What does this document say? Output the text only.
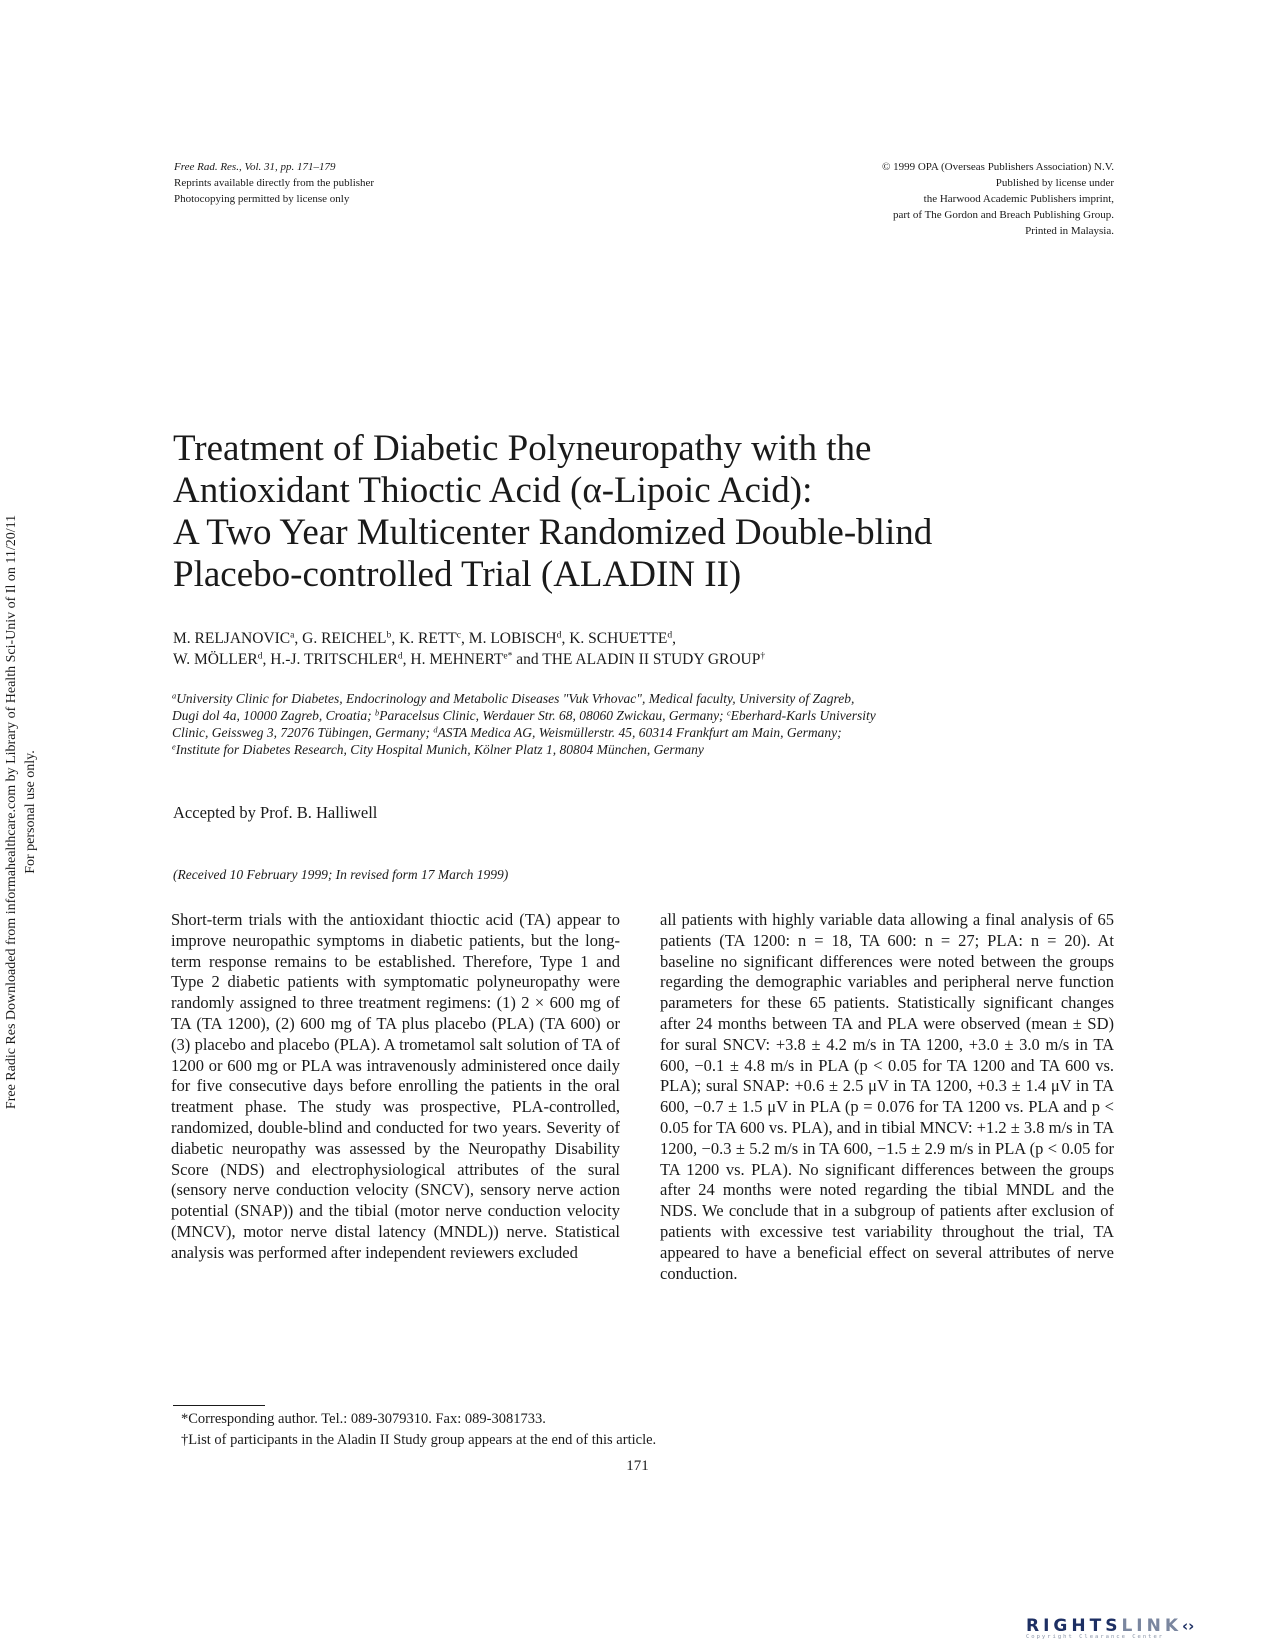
Free Radic Res Downloaded from informahealthcare.com by Library of Health Sci-Univ of Il on 11/20/11 For personal use only.
Free Rad. Res., Vol. 31, pp. 171–179
Reprints available directly from the publisher
Photocopying permitted by license only
© 1999 OPA (Overseas Publishers Association) N.V.
Published by license under
the Harwood Academic Publishers imprint,
part of The Gordon and Breach Publishing Group.
Printed in Malaysia.
Treatment of Diabetic Polyneuropathy with the
Antioxidant Thioctic Acid (α-Lipoic Acid):
A Two Year Multicenter Randomized Double-blind
Placebo-controlled Trial (ALADIN II)
M. RELJANOVIC$^a$, G. REICHEL$^b$, K. RETT$^c$, M. LOBISCH$^d$, K. SCHUETTE$^d$,
W. MÖLLER$^d$, H.-J. TRITSCHLER$^d$, H. $MEHNERT^{e*}$ and THE ALADIN II STUDY GROUP†
$^a$University Clinic for Diabetes, Endocrinology and Metabolic Diseases "Vuk Vrhovac", Medical faculty, University of Zagreb,
Dugi dol 4a, 10000 Zagreb, Croatia; $^b$Paracelsus Clinic, Werdauer Str. 68, 08060 Zwickau, Germany; $^c$Eberhard-Karls University
Clinic, Geissweg 3, 72076 Tübingen, Germany; $^d$ASTA Medica AG, Weismüllerstr. 45, 60314 Frankfurt am Main, Germany;
$^e$Institute for Diabetes Research, City Hospital Munich, Kölner Platz 1, 80804 München, Germany
Accepted by Prof. B. Halliwell
(Received 10 February 1999; In revised form 17 March 1999)
Short-term trials with the antioxidant thioctic acid (TA) appear to improve neuropathic symptoms in diabetic patients, but the long-term response remains to be established. Therefore, Type 1 and Type 2 diabetic patients with symptomatic polyneuropathy were randomly assigned to three treatment regimens: (1) 2 × 600 mg of TA (TA 1200), (2) 600 mg of TA plus placebo (PLA) (TA 600) or (3) placebo and placebo (PLA). A trometamol salt solution of TA of 1200 or 600 mg or PLA was intravenously administered once daily for five consecutive days before enrolling the patients in the oral treatment phase. The study was prospective, PLA-controlled, randomized, double-blind and conducted for two years. Severity of diabetic neuropathy was assessed by the Neuropathy Disability Score (NDS) and electrophysiological attributes of the sural (sensory nerve conduction velocity (SNCV), sensory nerve action potential (SNAP)) and the tibial (motor nerve conduction velocity (MNCV), motor nerve distal latency (MNDL)) nerve. Statistical analysis was performed after independent reviewers excluded
all patients with highly variable data allowing a final analysis of 65 patients (TA 1200: n = 18, TA 600: n = 27; PLA: n = 20). At baseline no significant differences were noted between the groups regarding the demographic variables and peripheral nerve function parameters for these 65 patients. Statistically significant changes after 24 months between TA and PLA were observed (mean ± SD) for sural SNCV: +3.8 ± 4.2 m/s in TA 1200, +3.0 ± 3.0 m/s in TA 600, −0.1 ± 4.8 m/s in PLA (p < 0.05 for TA 1200 and TA 600 vs. PLA); sural SNAP: +0.6 ± 2.5 μV in TA 1200, +0.3 ± 1.4 μV in TA 600, −0.7 ± 1.5 μV in PLA (p = 0.076 for TA 1200 vs. PLA and p < 0.05 for TA 600 vs. PLA), and in tibial MNCV: +1.2 ± 3.8 m/s in TA 1200, −0.3 ± 5.2 m/s in TA 600, −1.5 ± 2.9 m/s in PLA (p < 0.05 for TA 1200 vs. PLA). No significant differences between the groups after 24 months were noted regarding the tibial MNDL and the NDS. We conclude that in a subgroup of patients after exclusion of patients with excessive test variability throughout the trial, TA appeared to have a beneficial effect on several attributes of nerve conduction.
*Corresponding author. Tel.: 089-3079310. Fax: 089-3081733.
†List of participants in the Aladin II Study group appears at the end of this article.
171
RIGHTSLINK‹›
Copyright Clearance Center
